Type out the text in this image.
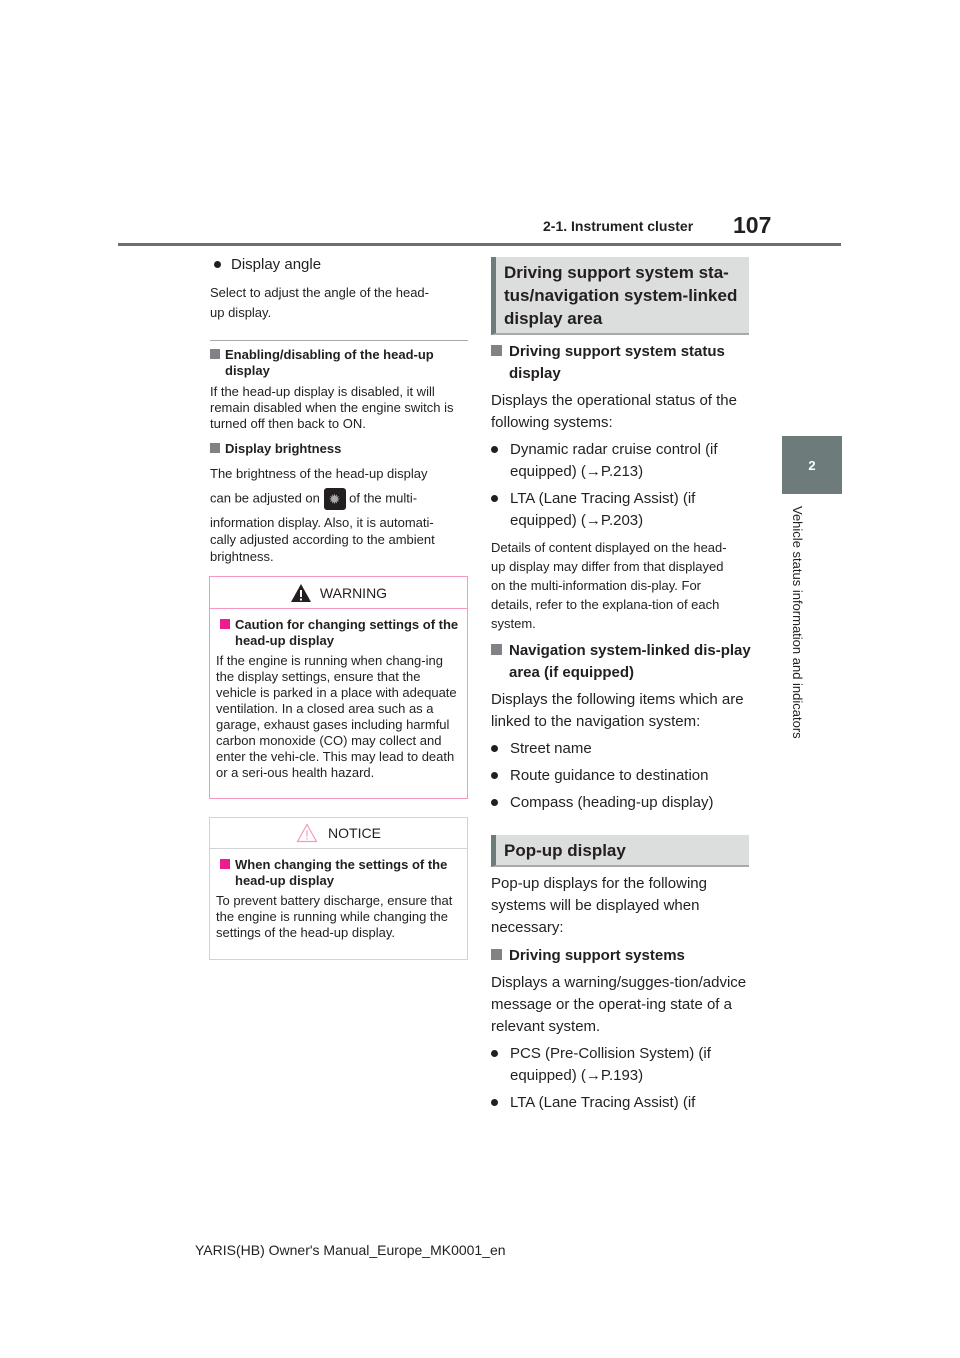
2-1. Instrument cluster 107
2
Vehicle status information and indicators
Display angle
Select to adjust the angle of the head-
up display.
Enabling/disabling of the head-up display
If the head-up display is disabled, it will remain disabled when the engine switch is turned off then back to ON.
Display brightness
The brightness of the head-up display
can be adjusted on ✹ of the multi-
information display. Also, it is automati-
cally adjusted according to the ambient
brightness.
WARNING
Caution for changing settings of the head-up display
If the engine is running when chang-ing the display settings, ensure that the vehicle is parked in a place with adequate ventilation. In a closed area such as a garage, exhaust gases including harmful carbon monoxide (CO) may collect and enter the vehi-cle. This may lead to death or a seri-ous health hazard.
NOTICE
When changing the settings of the head-up display
To prevent battery discharge, ensure that the engine is running while changing the settings of the head-up display.
Driving support system sta-tus/navigation system-linked display area
Driving support system status display
Displays the operational status of the following systems:
Dynamic radar cruise control (if equipped) (→P.213)
LTA (Lane Tracing Assist) (if equipped) (→P.203)
Details of content displayed on the head-up display may differ from that displayed on the multi-information dis-play. For details, refer to the explana-tion of each system.
Navigation system-linked dis-play area (if equipped)
Displays the following items which are linked to the navigation system:
Street name
Route guidance to destination
Compass (heading-up display)
Pop-up display
Pop-up displays for the following systems will be displayed when necessary:
Driving support systems
Displays a warning/sugges-tion/advice message or the operat-ing state of a relevant system.
PCS (Pre-Collision System) (if equipped) (→P.193)
LTA (Lane Tracing Assist) (if
YARIS(HB) Owner's Manual_Europe_MK0001_en
